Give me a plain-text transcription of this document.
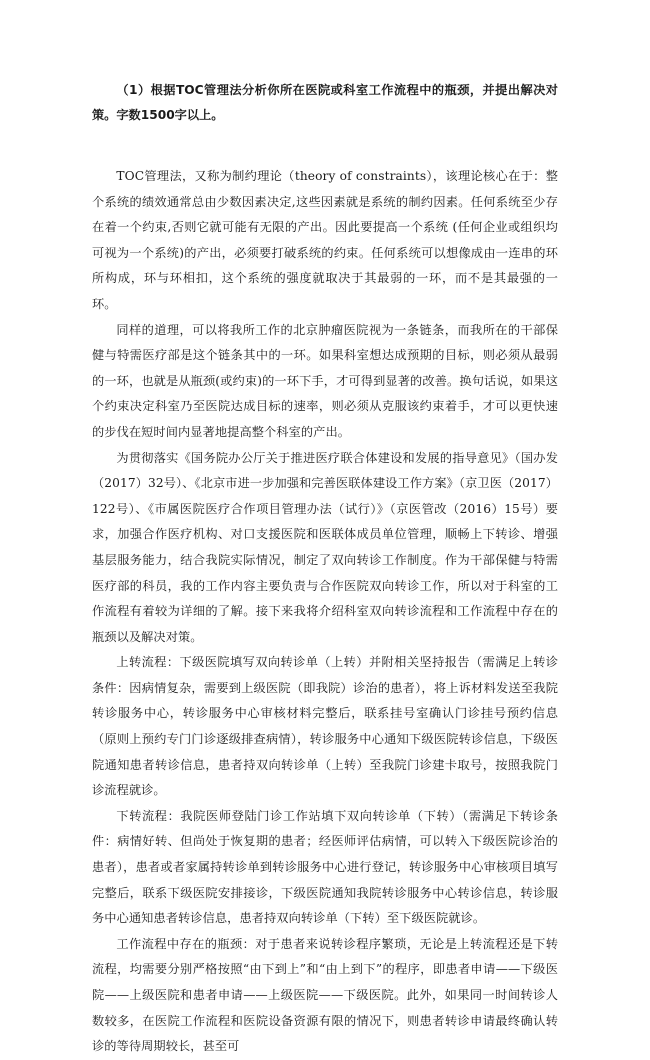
（1）根据TOC管理法分析你所在医院或科室工作流程中的瓶颈，并提出解决对策。字数1500字以上。

TOC管理法，又称为制约理论（theory of constraints），该理论核心在于：整个系统的绩效通常总由少数因素决定,这些因素就是系统的制约因素。任何系统至少存在着一个约束,否则它就可能有无限的产出。因此要提高一个系统 (任何企业或组织均可视为一个系统)的产出，必须要打破系统的约束。任何系统可以想像成由一连串的环所构成，环与环相扣，这个系统的强度就取决于其最弱的一环，而不是其最强的一环。

同样的道理，可以将我所工作的北京肿瘤医院视为一条链条，而我所在的干部保健与特需医疗部是这个链条其中的一环。如果科室想达成预期的目标，则必须从最弱的一环，也就是从瓶颈(或约束)的一环下手，才可得到显著的改善。换句话说，如果这个约束决定科室乃至医院达成目标的速率，则必须从克服该约束着手，才可以更快速的步伐在短时间内显著地提高整个科室的产出。

为贯彻落实《国务院办公厅关于推进医疗联合体建设和发展的指导意见》（国办发（2017）32号）、《北京市进一步加强和完善医联体建设工作方案》（京卫医（2017）122号）、《市属医院医疗合作项目管理办法（试行）》（京医管改（2016）15号）要求，加强合作医疗机构、对口支援医院和医联体成员单位管理，顺畅上下转诊、增强基层服务能力，结合我院实际情况，制定了双向转诊工作制度。作为干部保健与特需医疗部的科员，我的工作内容主要负责与合作医院双向转诊工作，所以对于科室的工作流程有着较为详细的了解。接下来我将介绍科室双向转诊流程和工作流程中存在的瓶颈以及解决对策。

上转流程：下级医院填写双向转诊单（上转）并附相关坚持报告（需满足上转诊条件：因病情复杂，需要到上级医院（即我院）诊治的患者），将上诉材料发送至我院转诊服务中心，转诊服务中心审核材料完整后，联系挂号室确认门诊挂号预约信息（原则上预约专门门诊逐级排查病情），转诊服务中心通知下级医院转诊信息，下级医院通知患者转诊信息，患者持双向转诊单（上转）至我院门诊建卡取号，按照我院门诊流程就诊。

下转流程：我院医师登陆门诊工作站填下双向转诊单（下转）（需满足下转诊条件：病情好转、但尚处于恢复期的患者；经医师评估病情，可以转入下级医院诊治的患者），患者或者家属持转诊单到转诊服务中心进行登记，转诊服务中心审核项目填写完整后，联系下级医院安排接诊，下级医院通知我院转诊服务中心转诊信息，转诊服务中心通知患者转诊信息，患者持双向转诊单（下转）至下级医院就诊。

工作流程中存在的瓶颈：对于患者来说转诊程序繁琐，无论是上转流程还是下转流程，均需要分别严格按照“由下到上”和“由上到下”的程序，即患者申请——下级医院——上级医院和患者申请——上级医院——下级医院。此外，如果同一时间转诊人数较多，在医院工作流程和医院设备资源有限的情况下，则患者转诊申请最终确认转诊的等待周期较长，甚至可
